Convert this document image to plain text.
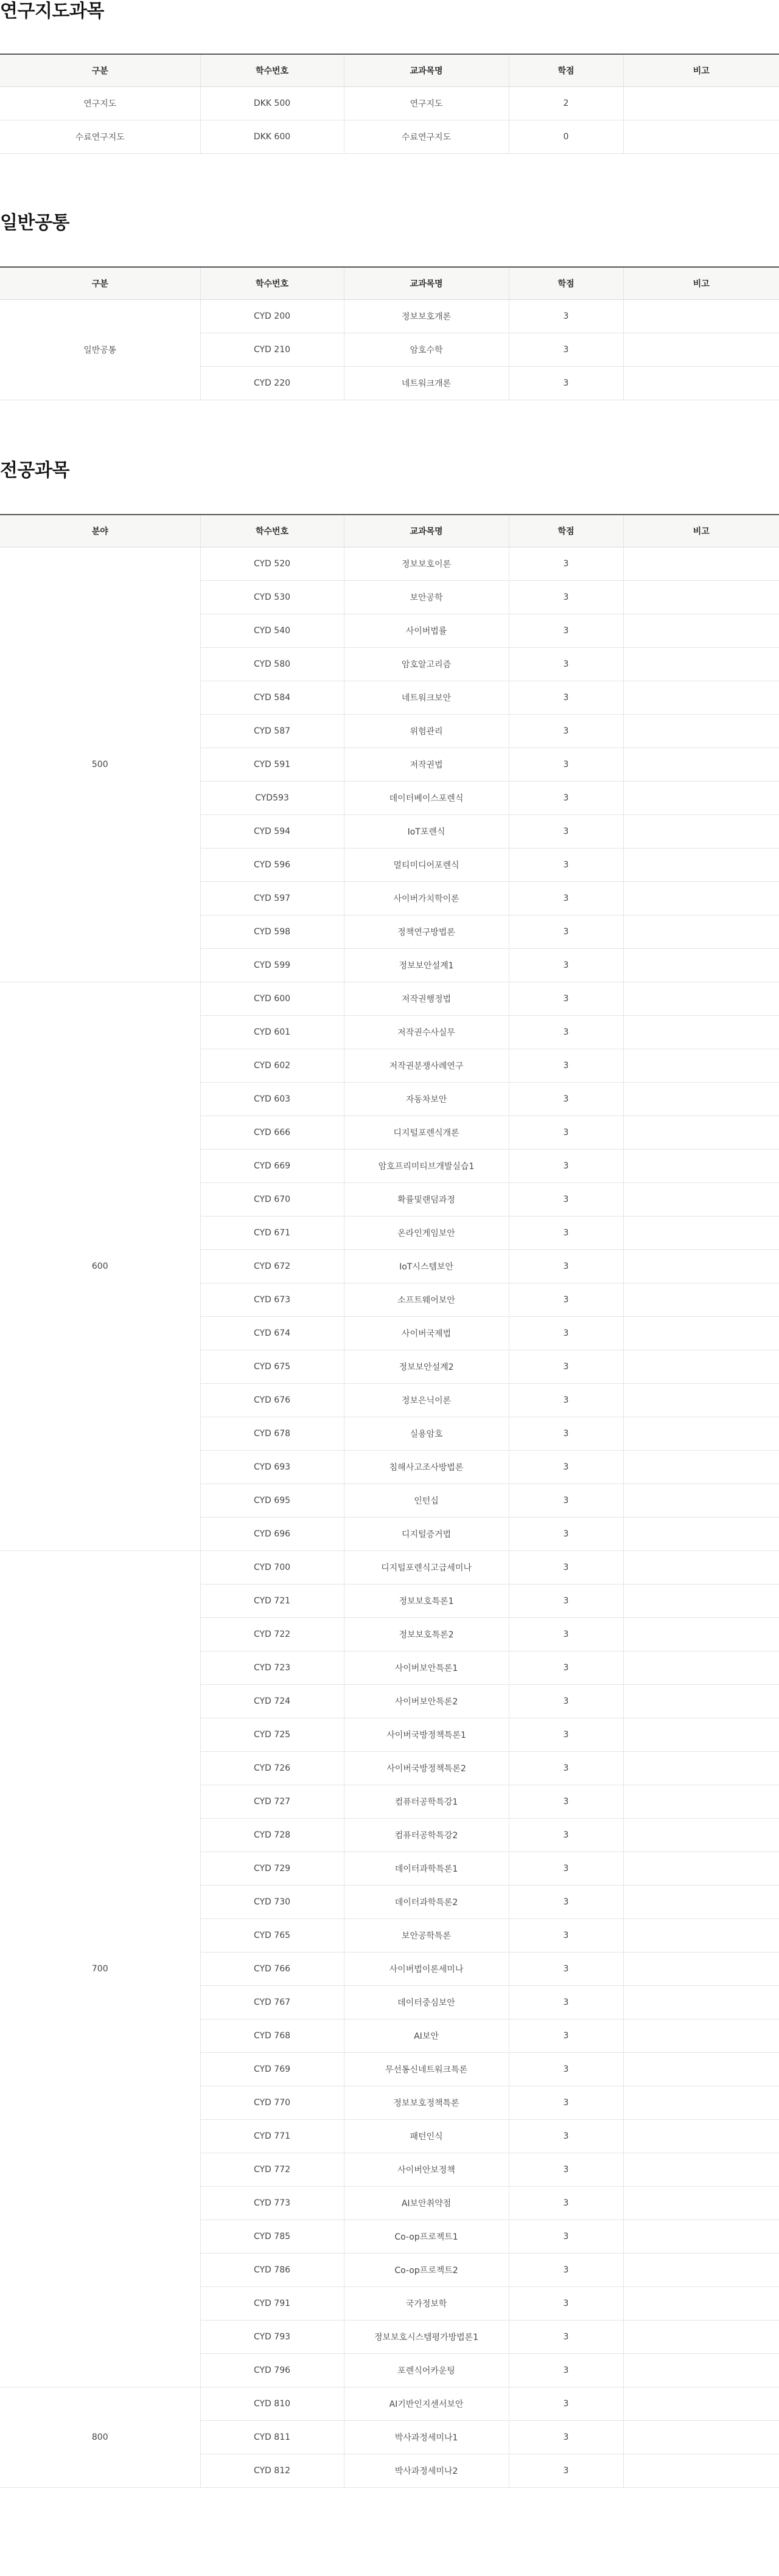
연구지도과목
구분	학수번호	교과목명	학점	비고
연구지도	DKK 500	연구지도	2	
수료연구지도	DKK 600	수료연구지도	0	
일반공통
구분	학수번호	교과목명	학점	비고
일반공통	CYD 200	정보보호개론	3	
	CYD 210	암호수학	3	
	CYD 220	네트워크개론	3	
전공과목
분야	학수번호	교과목명	학점	비고
500	CYD 520	정보보호이론	3	
	CYD 530	보안공학	3	
	CYD 540	사이버법률	3	
	CYD 580	암호알고리즘	3	
	CYD 584	네트워크보안	3	
	CYD 587	위험관리	3	
	CYD 591	저작권법	3	
	CYD593	데이터베이스포렌식	3	
	CYD 594	IoT포렌식	3	
	CYD 596	멀티미디어포렌식	3	
	CYD 597	사이버가치학이론	3	
	CYD 598	정책연구방법론	3	
	CYD 599	정보보안설계1	3	
600	CYD 600	저작권행정법	3	
	CYD 601	저작권수사실무	3	
	CYD 602	저작권분쟁사례연구	3	
	CYD 603	자동차보안	3	
	CYD 666	디지털포렌식개론	3	
	CYD 669	암호프리미티브개발실습1	3	
	CYD 670	확률및랜덤과정	3	
	CYD 671	온라인게임보안	3	
	CYD 672	IoT시스템보안	3	
	CYD 673	소프트웨어보안	3	
	CYD 674	사이버국제법	3	
	CYD 675	정보보안설계2	3	
	CYD 676	정보은닉이론	3	
	CYD 678	실용암호	3	
	CYD 693	침해사고조사방법론	3	
	CYD 695	인턴십	3	
	CYD 696	디지털증거법	3	
700	CYD 700	디지털포렌식고급세미나	3	
	CYD 721	정보보호특론1	3	
	CYD 722	정보보호특론2	3	
	CYD 723	사이버보안특론1	3	
	CYD 724	사이버보안특론2	3	
	CYD 725	사이버국방정책특론1	3	
	CYD 726	사이버국방정책특론2	3	
	CYD 727	컴퓨터공학특강1	3	
	CYD 728	컴퓨터공학특강2	3	
	CYD 729	데이터과학특론1	3	
	CYD 730	데이터과학특론2	3	
	CYD 765	보안공학특론	3	
	CYD 766	사이버법이론세미나	3	
	CYD 767	데이터중심보안	3	
	CYD 768	AI보안	3	
	CYD 769	무선통신네트워크특론	3	
	CYD 770	정보보호정책특론	3	
	CYD 771	패턴인식	3	
	CYD 772	사이버안보정책	3	
	CYD 773	AI보안취약점	3	
	CYD 785	Co-op프로젝트1	3	
	CYD 786	Co-op프로젝트2	3	
	CYD 791	국가정보학	3	
	CYD 793	정보보호시스템평가방법론1	3	
	CYD 796	포렌식어카운팅	3	
800	CYD 810	AI기반인지센서보안	3	
	CYD 811	박사과정세미나1	3	
	CYD 812	박사과정세미나2	3	
